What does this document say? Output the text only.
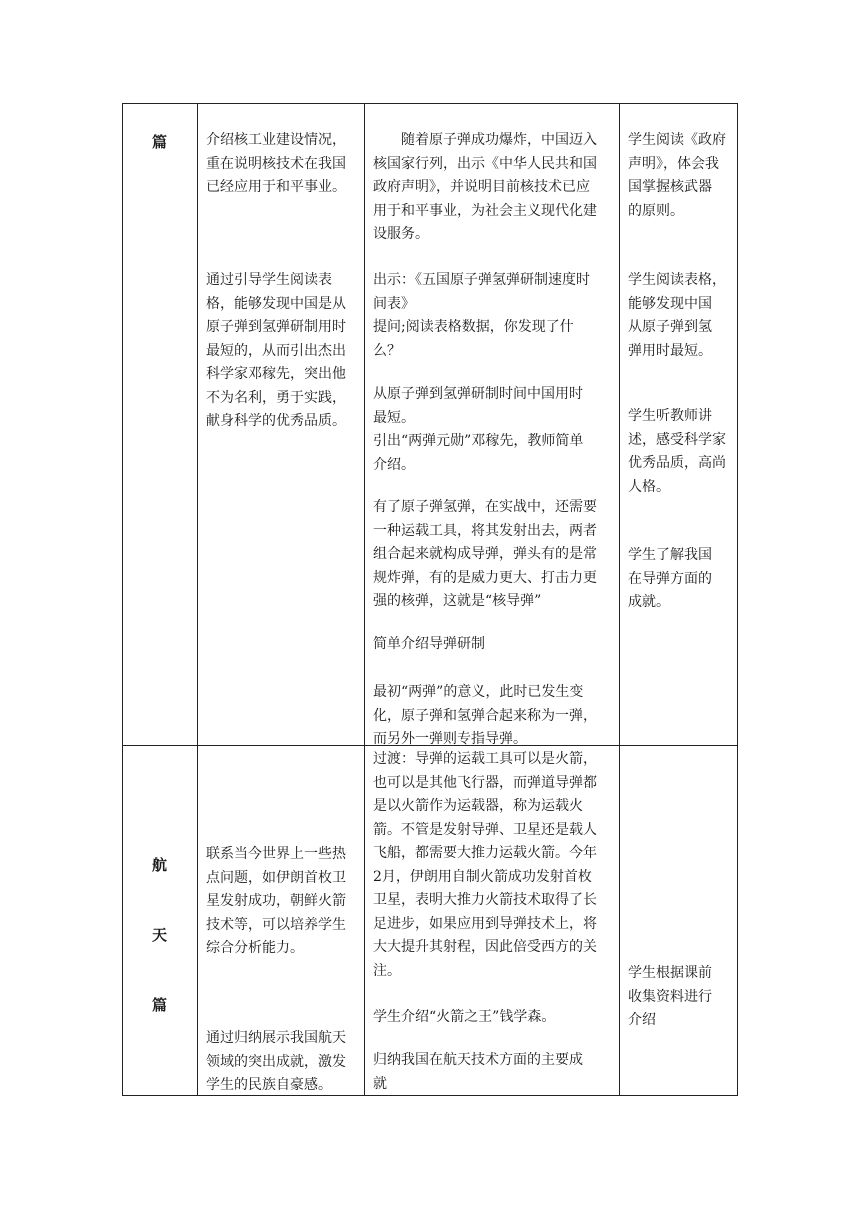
篇	介绍核工业建设情况，
重在说明核技术在我国
已经应用于和平事业。
通过引导学生阅读表
格，能够发现中国是从
原子弹到氢弹研制用时
最短的，从而引出杰出
科学家邓稼先，突出他
不为名利，勇于实践，
献身科学的优秀品质。
　　随着原子弹成功爆炸，中国迈入
核国家行列，出示《中华人民共和国
政府声明》，并说明目前核技术已应
用于和平事业，为社会主义现代化建
设服务。
出示：《五国原子弹氢弹研制速度时
间表》
提问;阅读表格数据，你发现了什
么？
从原子弹到氢弹研制时间中国用时
最短。
引出“两弹元勋”邓稼先，教师简单
介绍。
有了原子弹氢弹，在实战中，还需要
一种运载工具，将其发射出去，两者
组合起来就构成导弹，弹头有的是常
规炸弹，有的是威力更大、打击力更
强的核弹，这就是“核导弹”
简单介绍导弹研制
最初“两弹”的意义，此时已发生变
化，原子弹和氢弹合起来称为一弹，
而另外一弹则专指导弹。
学生阅读《政府
声明》，体会我
国掌握核武器
的原则。
学生阅读表格，
能够发现中国
从原子弹到氢
弹用时最短。
学生听教师讲
述，感受科学家
优秀品质，高尚
人格。
学生了解我国
在导弹方面的
成就。
航
天
篇
联系当今世界上一些热
点问题，如伊朗首枚卫
星发射成功，朝鲜火箭
技术等，可以培养学生
综合分析能力。
通过归纳展示我国航天
领域的突出成就，激发
学生的民族自豪感。
过渡：导弹的运载工具可以是火箭，
也可以是其他飞行器，而弹道导弹都
是以火箭作为运载器，称为运载火
箭。不管是发射导弹、卫星还是载人
飞船，都需要大推力运载火箭。今年
2月，伊朗用自制火箭成功发射首枚
卫星，表明大推力火箭技术取得了长
足进步，如果应用到导弹技术上，将
大大提升其射程，因此倍受西方的关
注。
学生介绍“火箭之王”钱学森。
归纳我国在航天技术方面的主要成
就
学生根据课前
收集资料进行
介绍
